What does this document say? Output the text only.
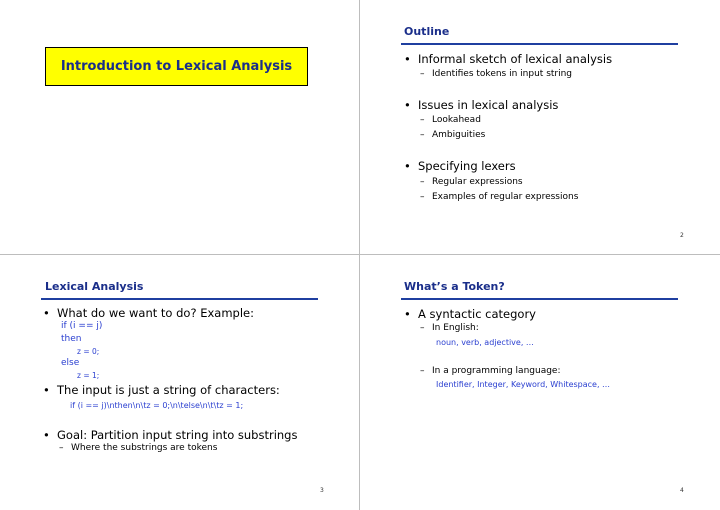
Introduction to Lexical Analysis
Outline
• Informal sketch of lexical analysis
– Identifies tokens in input string
• Issues in lexical analysis
– Lookahead
– Ambiguities
• Specifying lexers
– Regular expressions
– Examples of regular expressions
2
Lexical Analysis
• What do we want to do? Example:
if (i == j)
then
z = 0;
else
z = 1;
• The input is just a string of characters:
if (i == j)\nthen\n\tz = 0;\n\telse\n\t\tz = 1;
• Goal: Partition input string into substrings
– Where the substrings are tokens
3
What’s a Token?
• A syntactic category
– In English:
noun, verb, adjective, …
– In a programming language:
Identifier, Integer, Keyword, Whitespace, …
4
